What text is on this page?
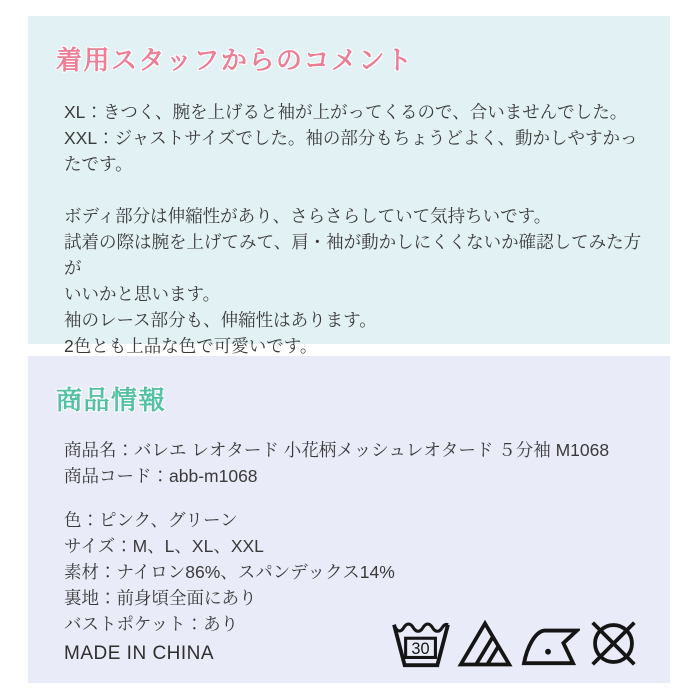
着用スタッフからのコメント
XL：きつく、腕を上げると袖が上がってくるので、合いませんでした。
XXL：ジャストサイズでした。袖の部分もちょうどよく、動かしやすかったです。
ボディ部分は伸縮性があり、さらさらしていて気持ちいです。
試着の際は腕を上げてみて、肩・袖が動かしにくくないか確認してみた方が
いいかと思います。
袖のレース部分も、伸縮性はあります。
2色とも上品な色で可愛いです。
商品情報
商品名：バレエ レオタード 小花柄メッシュレオタード ５分袖 M1068
商品コード：abb-m1068
色：ピンク、グリーン
サイズ：M、L、XL、XXL
素材：ナイロン86%、スパンデックス14%
裏地：前身頃全面にあり
バストポケット：あり
MADE IN CHINA	30
